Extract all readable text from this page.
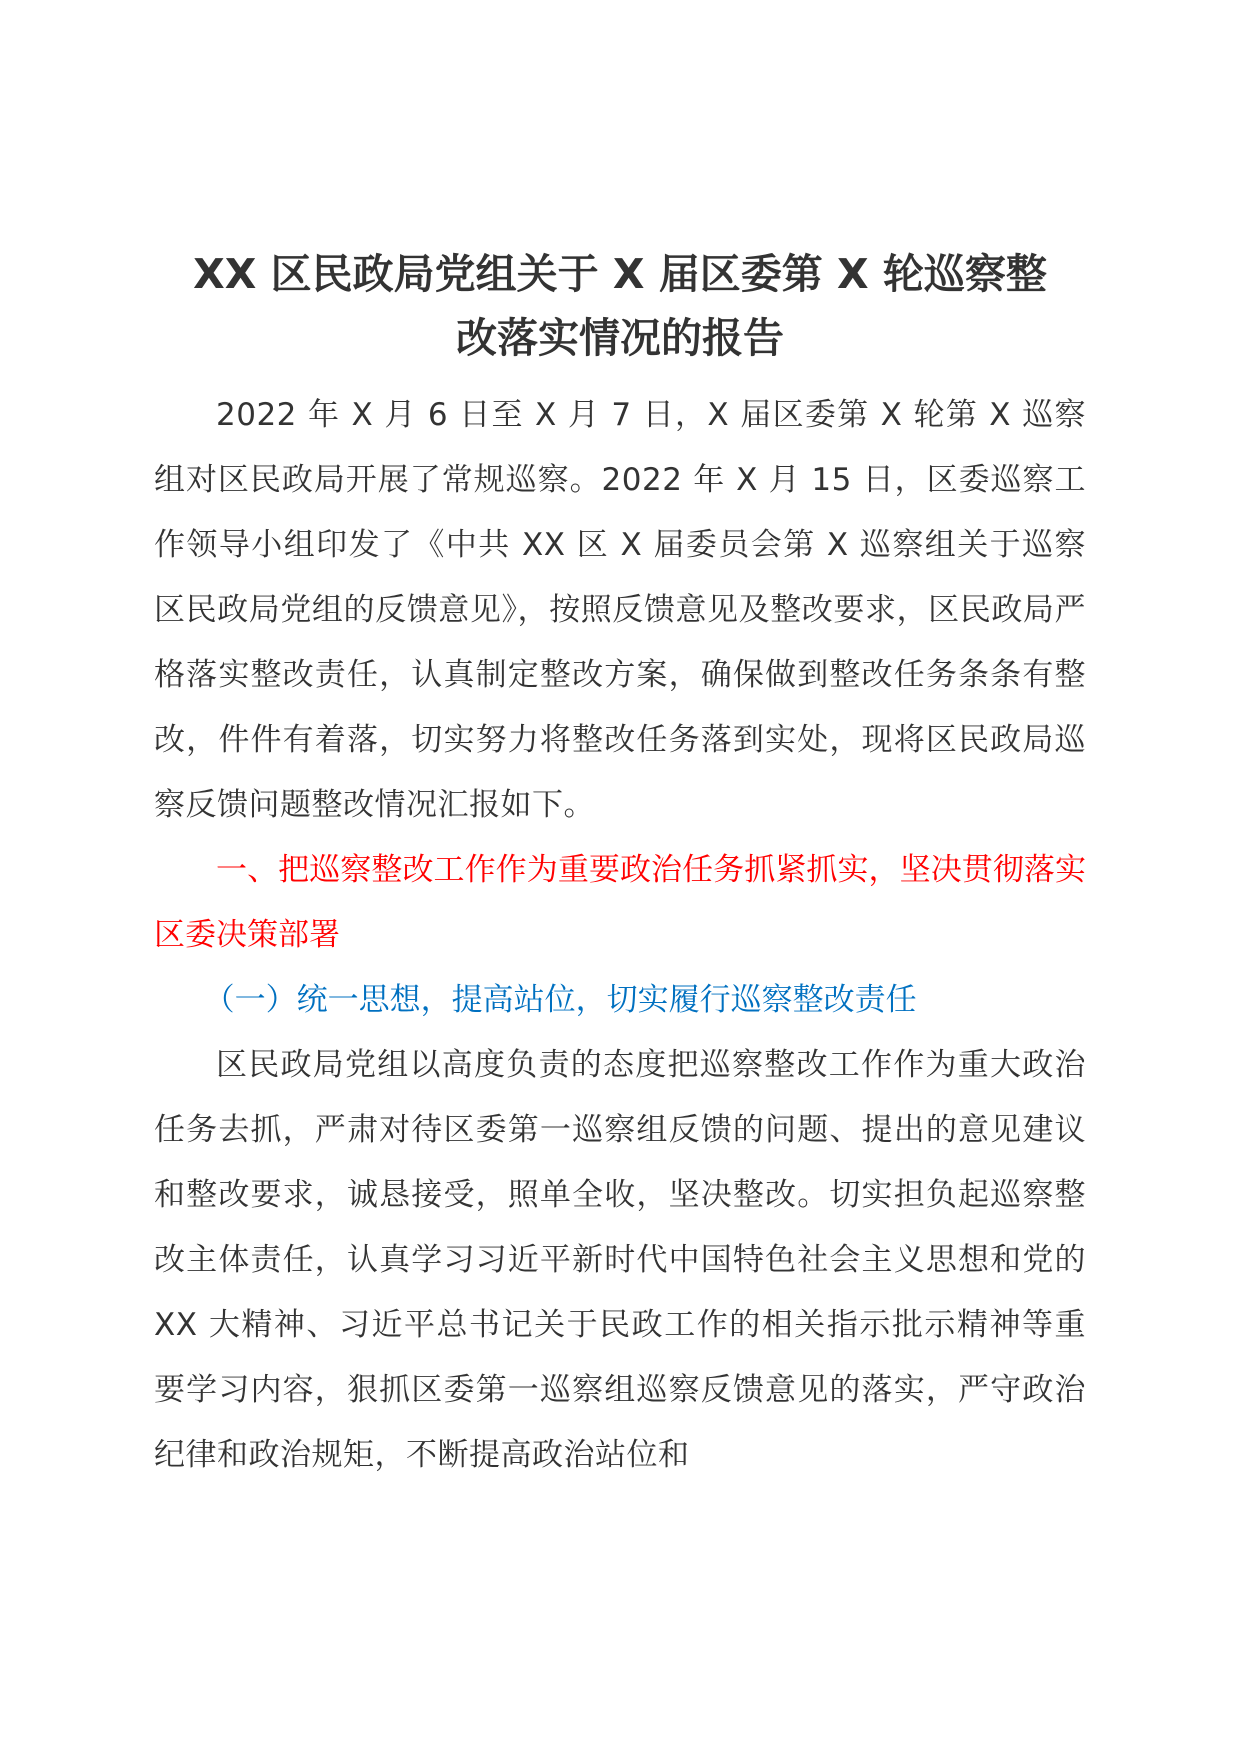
XX 区民政局党组关于 X 届区委第 X 轮巡察整
改落实情况的报告

2022 年 X 月 6 日至 X 月 7 日，X 届区委第 X 轮第 X 巡察组对区民政局开展了常规巡察。2022 年 X 月 15 日，区委巡察工作领导小组印发了《中共 XX 区 X 届委员会第 X 巡察组关于巡察区民政局党组的反馈意见》，按照反馈意见及整改要求，区民政局严格落实整改责任，认真制定整改方案，确保做到整改任务条条有整改，件件有着落，切实努力将整改任务落到实处，现将区民政局巡察反馈问题整改情况汇报如下。

一、把巡察整改工作作为重要政治任务抓紧抓实，坚决贯彻落实区委决策部署

（一）统一思想，提高站位，切实履行巡察整改责任

区民政局党组以高度负责的态度把巡察整改工作作为重大政治任务去抓，严肃对待区委第一巡察组反馈的问题、提出的意见建议和整改要求，诚恳接受，照单全收，坚决整改。切实担负起巡察整改主体责任，认真学习习近平新时代中国特色社会主义思想和党的 XX 大精神、习近平总书记关于民政工作的相关指示批示精神等重要学习内容，狠抓区委第一巡察组巡察反馈意见的落实，严守政治纪律和政治规矩，不断提高政治站位和
